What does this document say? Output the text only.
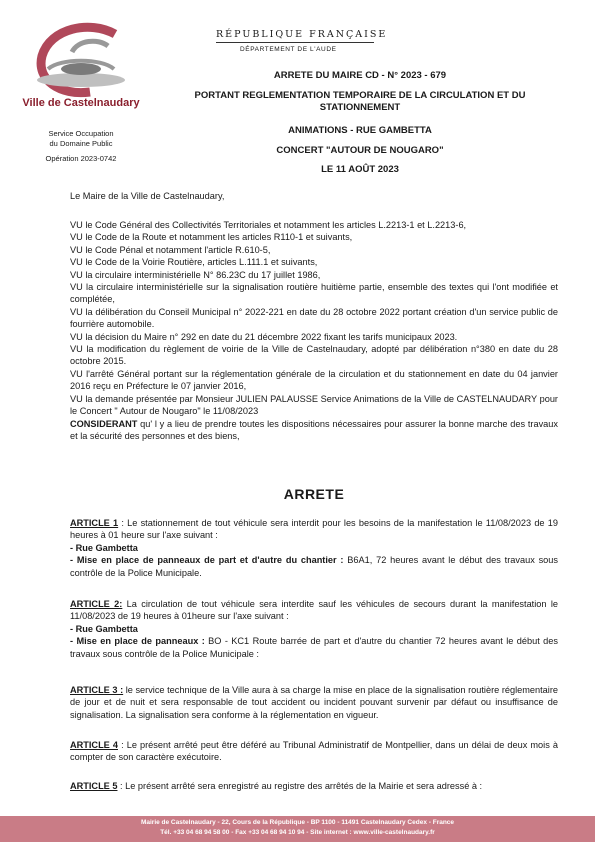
Ville de Castelnaudary
Service Occupation
du Domaine Public
Opération 2023-0742
RÉPUBLIQUE FRANÇAISE
DÉPARTEMENT DE L'AUDE
ARRETE DU MAIRE CD - N° 2023 - 679
PORTANT REGLEMENTATION TEMPORAIRE DE LA CIRCULATION ET DU
STATIONNEMENT
ANIMATIONS - RUE GAMBETTA
CONCERT "AUTOUR DE NOUGARO"
LE 11 AOÛT 2023
Le Maire de la Ville de Castelnaudary,

VU le Code Général des Collectivités Territoriales et notamment les articles L.2213-1 et L.2213-6,

VU le Code de la Route et notamment les articles R110-1 et suivants,

VU le Code Pénal et notamment l'article R.610-5,

VU le Code de la Voirie Routière, articles L.111.1 et suivants,

VU la circulaire interministérielle N° 86.23C du 17 juillet 1986,

VU la circulaire interministérielle sur la signalisation routière huitième partie, ensemble des textes qui l'ont modifiée et complétée,

VU la délibération du Conseil Municipal n° 2022-221 en date du 28 octobre 2022 portant création d'un service public de fourrière automobile.

VU la décision du Maire n° 292 en date du 21 décembre 2022 fixant les tarifs municipaux 2023.

VU la modification du règlement de voirie de la Ville de Castelnaudary, adopté par délibération n°380 en date du 28 octobre 2015.

VU l'arrêté Général portant sur la réglementation générale de la circulation et du stationnement en date du 04 janvier 2016 reçu en Préfecture le 07 janvier 2016,

VU la demande présentée par Monsieur JULIEN PALAUSSE Service Animations de la Ville de CASTELNAUDARY pour le Concert " Autour de Nougaro" le 11/08/2023

CONSIDERANT qu' l y a lieu de prendre toutes les dispositions nécessaires pour assurer la bonne marche des travaux et la sécurité des personnes et des biens,

ARRETE

ARTICLE 1 : Le stationnement de tout véhicule sera interdit pour les besoins de la manifestation le 11/08/2023 de 19 heures à 01 heure sur l'axe suivant :

- Rue Gambetta

- Mise en place de panneaux de part et d'autre du chantier : B6A1, 72 heures avant le début des travaux sous contrôle de la Police Municipale.

ARTICLE 2: La circulation de tout véhicule sera interdite sauf les véhicules de secours durant la manifestation le 11/08/2023 de 19 heures à 01heure sur l'axe suivant :

- Rue Gambetta

- Mise en place de panneaux : BO - KC1 Route barrée de part et d'autre du chantier 72 heures avant le début des travaux sous contrôle de la Police Municipale :

ARTICLE 3 : le service technique de la Ville aura à sa charge la mise en place de la signalisation routière réglementaire de jour et de nuit et sera responsable de tout accident ou incident pouvant survenir par défaut ou insuffisance de signalisation. La signalisation sera conforme à la réglementation en vigueur.

ARTICLE 4 : Le présent arrêté peut être déféré au Tribunal Administratif de Montpellier, dans un délai de deux mois à compter de son caractère exécutoire.

ARTICLE 5 : Le présent arrêté sera enregistré au registre des arrêtés de la Mairie et sera adressé à :

Mairie de Castelnaudary - 22, Cours de la République - BP 1100 - 11491 Castelnaudary Cedex - France
Tél. +33 04 68 94 58 00 - Fax +33 04 68 94 10 94 - Site internet : www.ville-castelnaudary.fr
